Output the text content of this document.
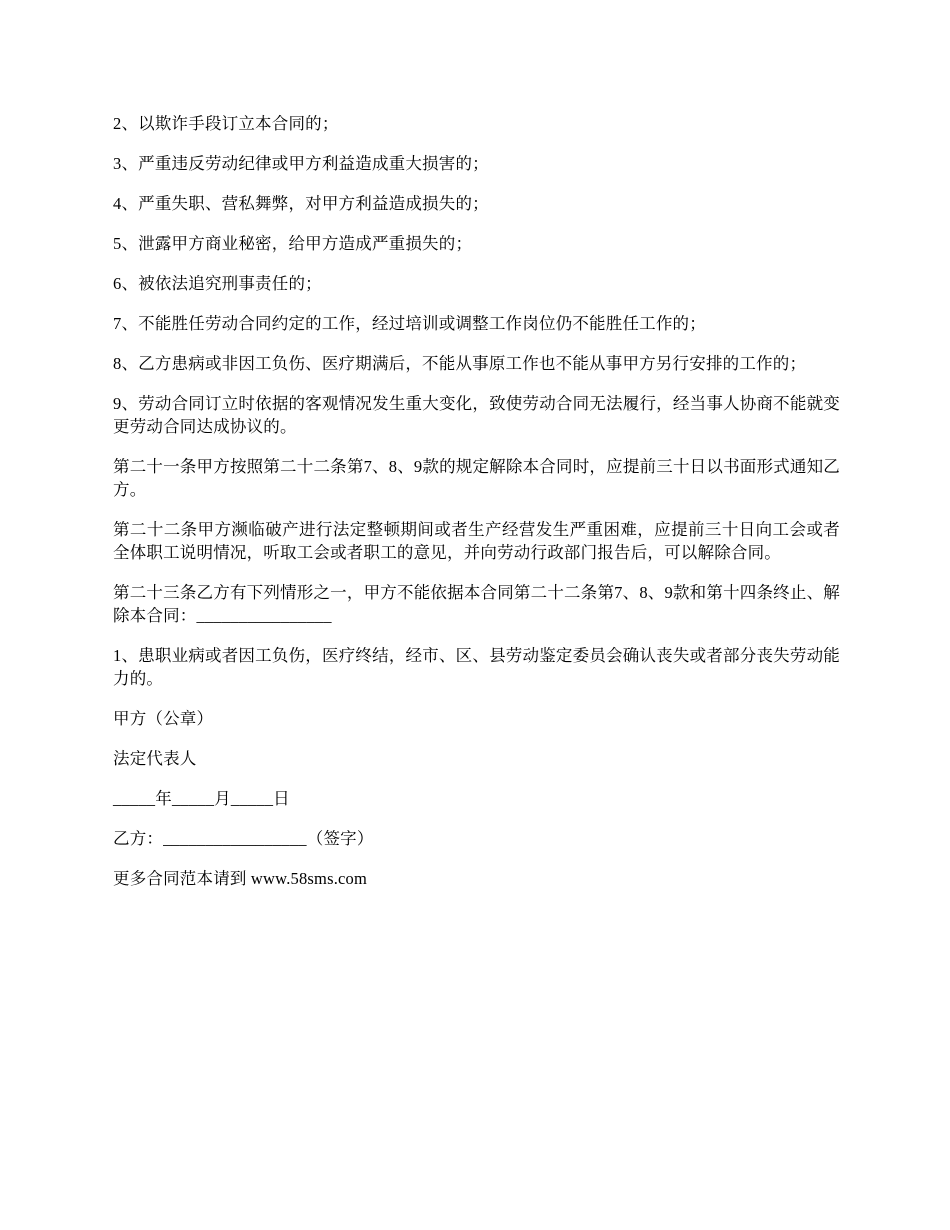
2、以欺诈手段订立本合同的；

3、严重违反劳动纪律或甲方利益造成重大损害的；

4、严重失职、营私舞弊，对甲方利益造成损失的；

5、泄露甲方商业秘密，给甲方造成严重损失的；

6、被依法追究刑事责任的；

7、不能胜任劳动合同约定的工作，经过培训或调整工作岗位仍不能胜任工作的；

8、乙方患病或非因工负伤、医疗期满后，不能从事原工作也不能从事甲方另行安排的工作的；

9、劳动合同订立时依据的客观情况发生重大变化，致使劳动合同无法履行，经当事人协商不能就变更劳动合同达成协议的。

第二十一条甲方按照第二十二条第7、8、9款的规定解除本合同时，应提前三十日以书面形式通知乙方。

第二十二条甲方濒临破产进行法定整顿期间或者生产经营发生严重困难，应提前三十日向工会或者全体职工说明情况，听取工会或者职工的意见，并向劳动行政部门报告后，可以解除合同。

第二十三条乙方有下列情形之一，甲方不能依据本合同第二十二条第7、8、9款和第十四条终止、解除本合同：________________

1、患职业病或者因工负伤，医疗终结，经市、区、县劳动鉴定委员会确认丧失或者部分丧失劳动能力的。

甲方（公章）

法定代表人

_____年_____月_____日

乙方：_________________（签字）

更多合同范本请到 www.58sms.com
